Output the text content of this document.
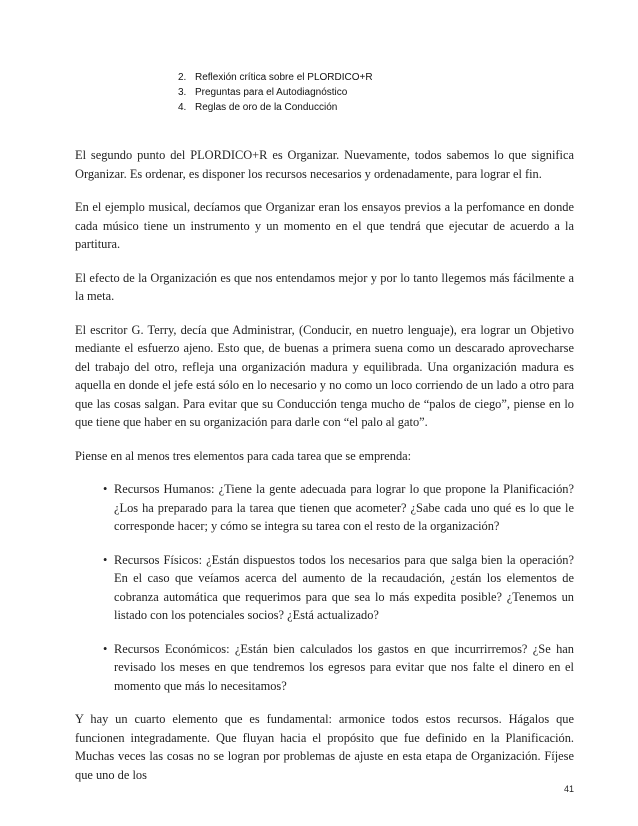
2. Reflexión crítica sobre el PLORDICO+R
3. Preguntas para el Autodiagnóstico
4. Reglas de oro de la Conducción

El segundo punto del PLORDICO+R es Organizar. Nuevamente, todos sabemos lo que significa Organizar. Es ordenar, es disponer los recursos necesarios y ordenadamente, para lograr el fin.

En el ejemplo musical, decíamos que Organizar eran los ensayos previos a la perfomance en donde cada músico tiene un instrumento y un momento en el que tendrá que ejecutar de acuerdo a la partitura.

El efecto de la Organización es que nos entendamos mejor y por lo tanto llegemos más fácilmente a la meta.

El escritor G. Terry, decía que Administrar, (Conducir, en nuetro lenguaje), era lograr un Objetivo mediante el esfuerzo ajeno. Esto que, de buenas a primera suena como un descarado aprovecharse del trabajo del otro, refleja una organización madura y equilibrada. Una organización madura es aquella en donde el jefe está sólo en lo necesario y no como un loco corriendo de un lado a otro para que las cosas salgan. Para evitar que su Conducción tenga mucho de “palos de ciego”, piense en lo que tiene que haber en su organización para darle con “el palo al gato”.

Piense en al menos tres elementos para cada tarea que se emprenda:

• Recursos Humanos: ¿Tiene la gente adecuada para lograr lo que propone la Planificación? ¿Los ha preparado para la tarea que tienen que acometer? ¿Sabe cada uno qué es lo que le corresponde hacer; y cómo se integra su tarea con el resto de la organización?
• Recursos Físicos: ¿Están dispuestos todos los necesarios para que salga bien la operación? En el caso que veíamos acerca del aumento de la recaudación, ¿están los elementos de cobranza automática que requerimos para que sea lo más expedita posible? ¿Tenemos un listado con los potenciales socios? ¿Está actualizado?
• Recursos Económicos: ¿Están bien calculados los gastos en que incurrirremos? ¿Se han revisado los meses en que tendremos los egresos para evitar que nos falte el dinero en el momento que más lo necesitamos?

Y hay un cuarto elemento que es fundamental: armonice todos estos recursos. Hágalos que funcionen integradamente. Que fluyan hacia el propósito que fue definido en la Planificación. Muchas veces las cosas no se logran por problemas de ajuste en esta etapa de Organización. Fíjese que uno de los

41
